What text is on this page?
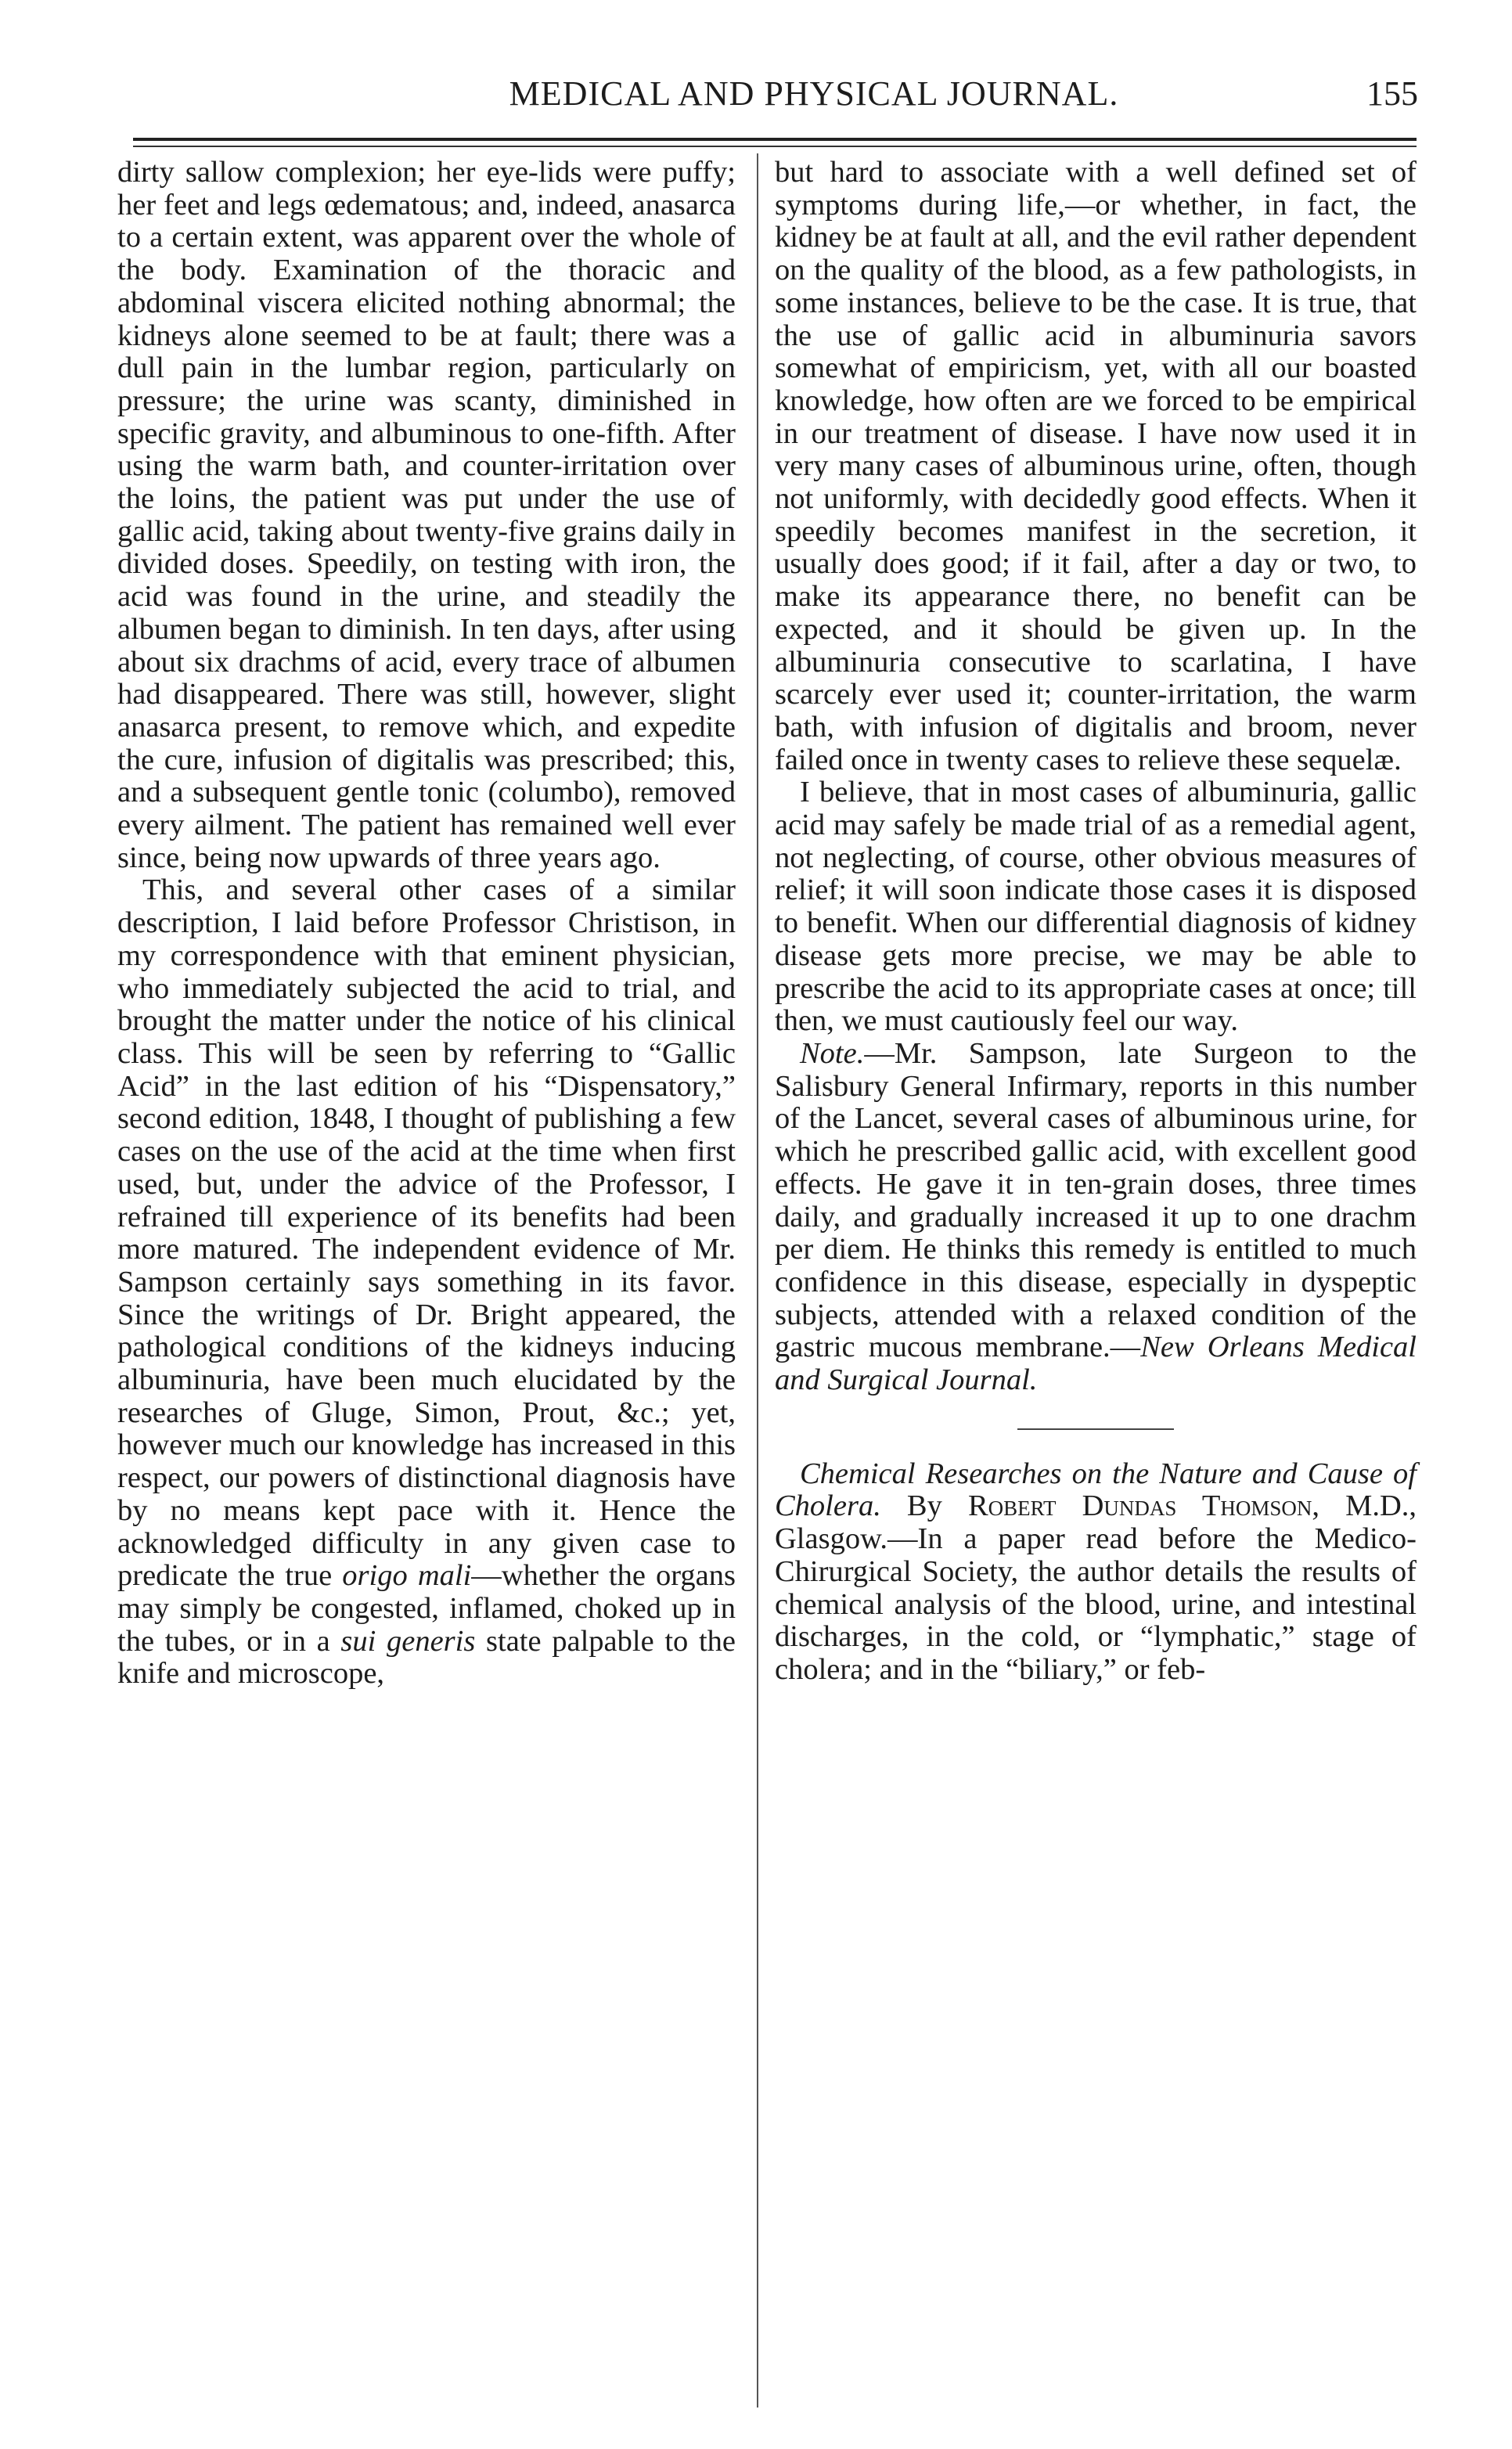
MEDICAL AND PHYSICAL JOURNAL.	155

dirty sallow complexion; her eye-lids were puffy; her feet and legs œdematous; and, indeed, anasarca to a certain extent, was apparent over the whole of the body. Examination of the thoracic and abdominal viscera elicited nothing abnormal; the kidneys alone seemed to be at fault; there was a dull pain in the lumbar region, particularly on pressure; the urine was scanty, diminished in specific gravity, and albuminous to one-fifth. After using the warm bath, and counter-irritation over the loins, the patient was put under the use of gallic acid, taking about twenty-five grains daily in divided doses. Speedily, on testing with iron, the acid was found in the urine, and steadily the albumen began to diminish. In ten days, after using about six drachms of acid, every trace of albumen had disappeared. There was still, however, slight anasarca present, to remove which, and expedite the cure, infusion of digitalis was prescribed; this, and a subsequent gentle tonic (columbo), removed every ailment. The patient has remained well ever since, being now upwards of three years ago.

This, and several other cases of a similar description, I laid before Professor Christison, in my correspondence with that eminent physician, who immediately subjected the acid to trial, and brought the matter under the notice of his clinical class. This will be seen by referring to “Gallic Acid” in the last edition of his “Dispensatory,” second edition, 1848, I thought of publishing a few cases on the use of the acid at the time when first used, but, under the advice of the Professor, I refrained till experience of its benefits had been more matured. The independent evidence of Mr. Sampson certainly says something in its favor. Since the writings of Dr. Bright appeared, the pathological conditions of the kidneys inducing albuminuria, have been much elucidated by the researches of Gluge, Simon, Prout, &c.; yet, however much our knowledge has increased in this respect, our powers of distinctional diagnosis have by no means kept pace with it. Hence the acknowledged difficulty in any given case to predicate the true origo mali—whether the organs may simply be congested, inflamed, choked up in the tubes, or in a sui generis state palpable to the knife and microscope,

but hard to associate with a well defined set of symptoms during life,—or whether, in fact, the kidney be at fault at all, and the evil rather dependent on the quality of the blood, as a few pathologists, in some instances, believe to be the case. It is true, that the use of gallic acid in albuminuria savors somewhat of empiricism, yet, with all our boasted knowledge, how often are we forced to be empirical in our treatment of disease. I have now used it in very many cases of albuminous urine, often, though not uniformly, with decidedly good effects. When it speedily becomes manifest in the secretion, it usually does good; if it fail, after a day or two, to make its appearance there, no benefit can be expected, and it should be given up. In the albuminuria consecutive to scarlatina, I have scarcely ever used it; counter-irritation, the warm bath, with infusion of digitalis and broom, never failed once in twenty cases to relieve these sequelæ.

I believe, that in most cases of albuminuria, gallic acid may safely be made trial of as a remedial agent, not neglecting, of course, other obvious measures of relief; it will soon indicate those cases it is disposed to benefit. When our differential diagnosis of kidney disease gets more precise, we may be able to prescribe the acid to its appropriate cases at once; till then, we must cautiously feel our way.

Note.—Mr. Sampson, late Surgeon to the Salisbury General Infirmary, reports in this number of the Lancet, several cases of albuminous urine, for which he prescribed gallic acid, with excellent good effects. He gave it in ten-grain doses, three times daily, and gradually increased it up to one drachm per diem. He thinks this remedy is entitled to much confidence in this disease, especially in dyspeptic subjects, attended with a relaxed condition of the gastric mucous membrane.—New Orleans Medical and Surgical Journal.

Chemical Researches on the Nature and Cause of Cholera. By Robert Dundas Thomson, M.D., Glasgow.—In a paper read before the Medico-Chirurgical Society, the author details the results of chemical analysis of the blood, urine, and intestinal discharges, in the cold, or “lymphatic,” stage of cholera; and in the “biliary,” or feb-
